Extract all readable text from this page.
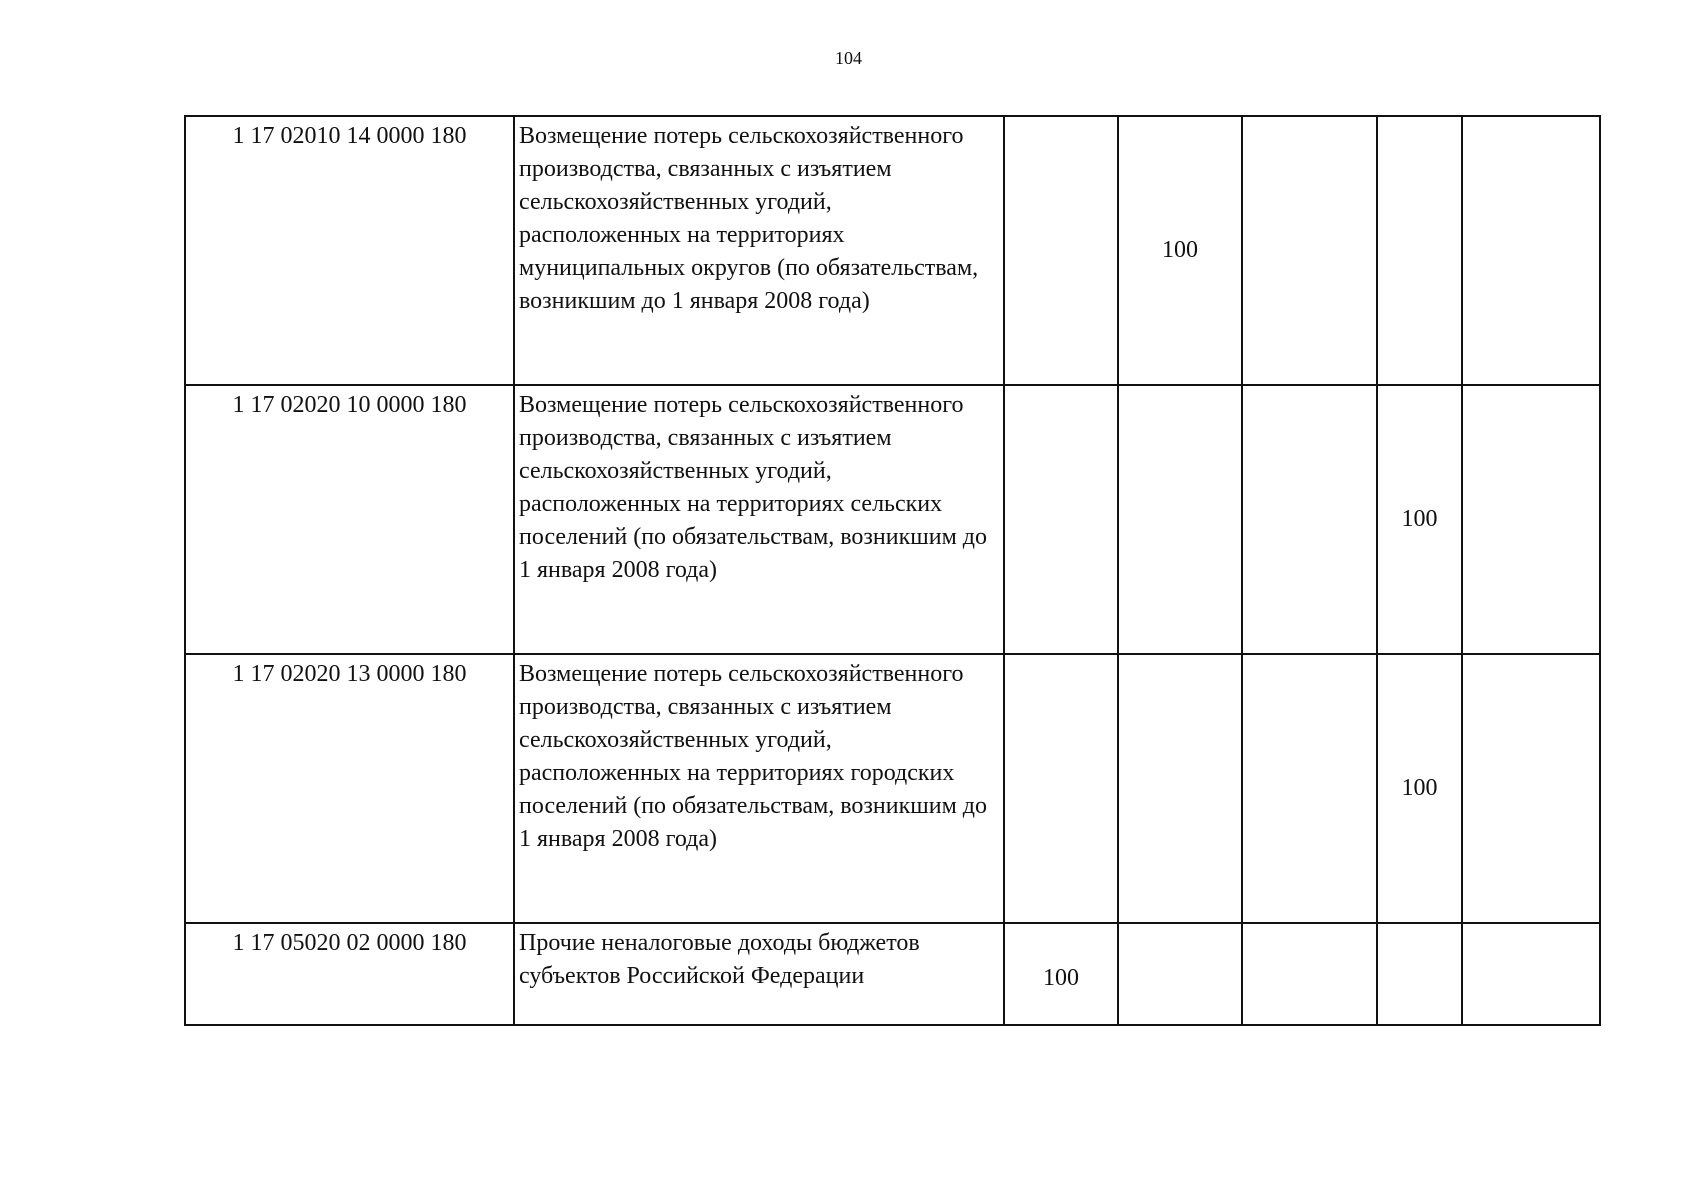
104
1 17 02010 14 0000 180	Возмещение потерь сельскохозяйственного производства, связанных с изъятием сельскохозяйственных угодий, расположенных на территориях муниципальных округов (по обязательствам, возникшим до 1 января 2008 года)		100			
1 17 02020 10 0000 180	Возмещение потерь сельскохозяйственного производства, связанных с изъятием сельскохозяйственных угодий, расположенных на территориях сельских поселений (по обязательствам, возникшим до 1 января 2008 года)				100	
1 17 02020 13 0000 180	Возмещение потерь сельскохозяйственного производства, связанных с изъятием сельскохозяйственных угодий, расположенных на территориях городских поселений (по обязательствам, возникшим до 1 января 2008 года)				100	
1 17 05020 02 0000 180	Прочие неналоговые доходы бюджетов субъектов Российской Федерации	100				
